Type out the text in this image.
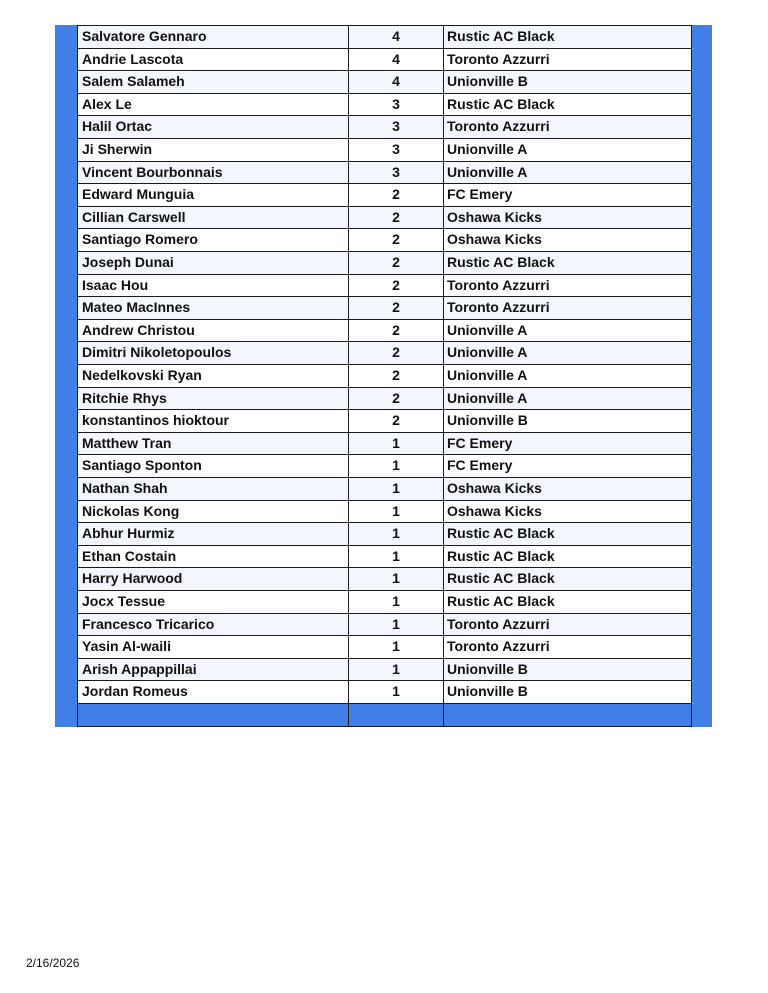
Salvatore Gennaro	4	Rustic AC Black
Andrie Lascota	4	Toronto Azzurri
Salem Salameh	4	Unionville B
Alex Le	3	Rustic AC Black
Halil Ortac	3	Toronto Azzurri
Ji Sherwin	3	Unionville A
Vincent Bourbonnais	3	Unionville A
Edward Munguia	2	FC Emery
Cillian Carswell	2	Oshawa Kicks
Santiago Romero	2	Oshawa Kicks
Joseph Dunai	2	Rustic AC Black
Isaac Hou	2	Toronto Azzurri
Mateo MacInnes	2	Toronto Azzurri
Andrew Christou	2	Unionville A
Dimitri Nikoletopoulos	2	Unionville A
Nedelkovski Ryan	2	Unionville A
Ritchie Rhys	2	Unionville A
konstantinos hioktour	2	Unionville B
Matthew Tran	1	FC Emery
Santiago Sponton	1	FC Emery
Nathan Shah	1	Oshawa Kicks
Nickolas Kong	1	Oshawa Kicks
Abhur Hurmiz	1	Rustic AC Black
Ethan Costain	1	Rustic AC Black
Harry Harwood	1	Rustic AC Black
Jocx Tessue	1	Rustic AC Black
Francesco Tricarico	1	Toronto Azzurri
Yasin Al-waili	1	Toronto Azzurri
Arish Appappillai	1	Unionville B
Jordan Romeus	1	Unionville B
2/16/2026
